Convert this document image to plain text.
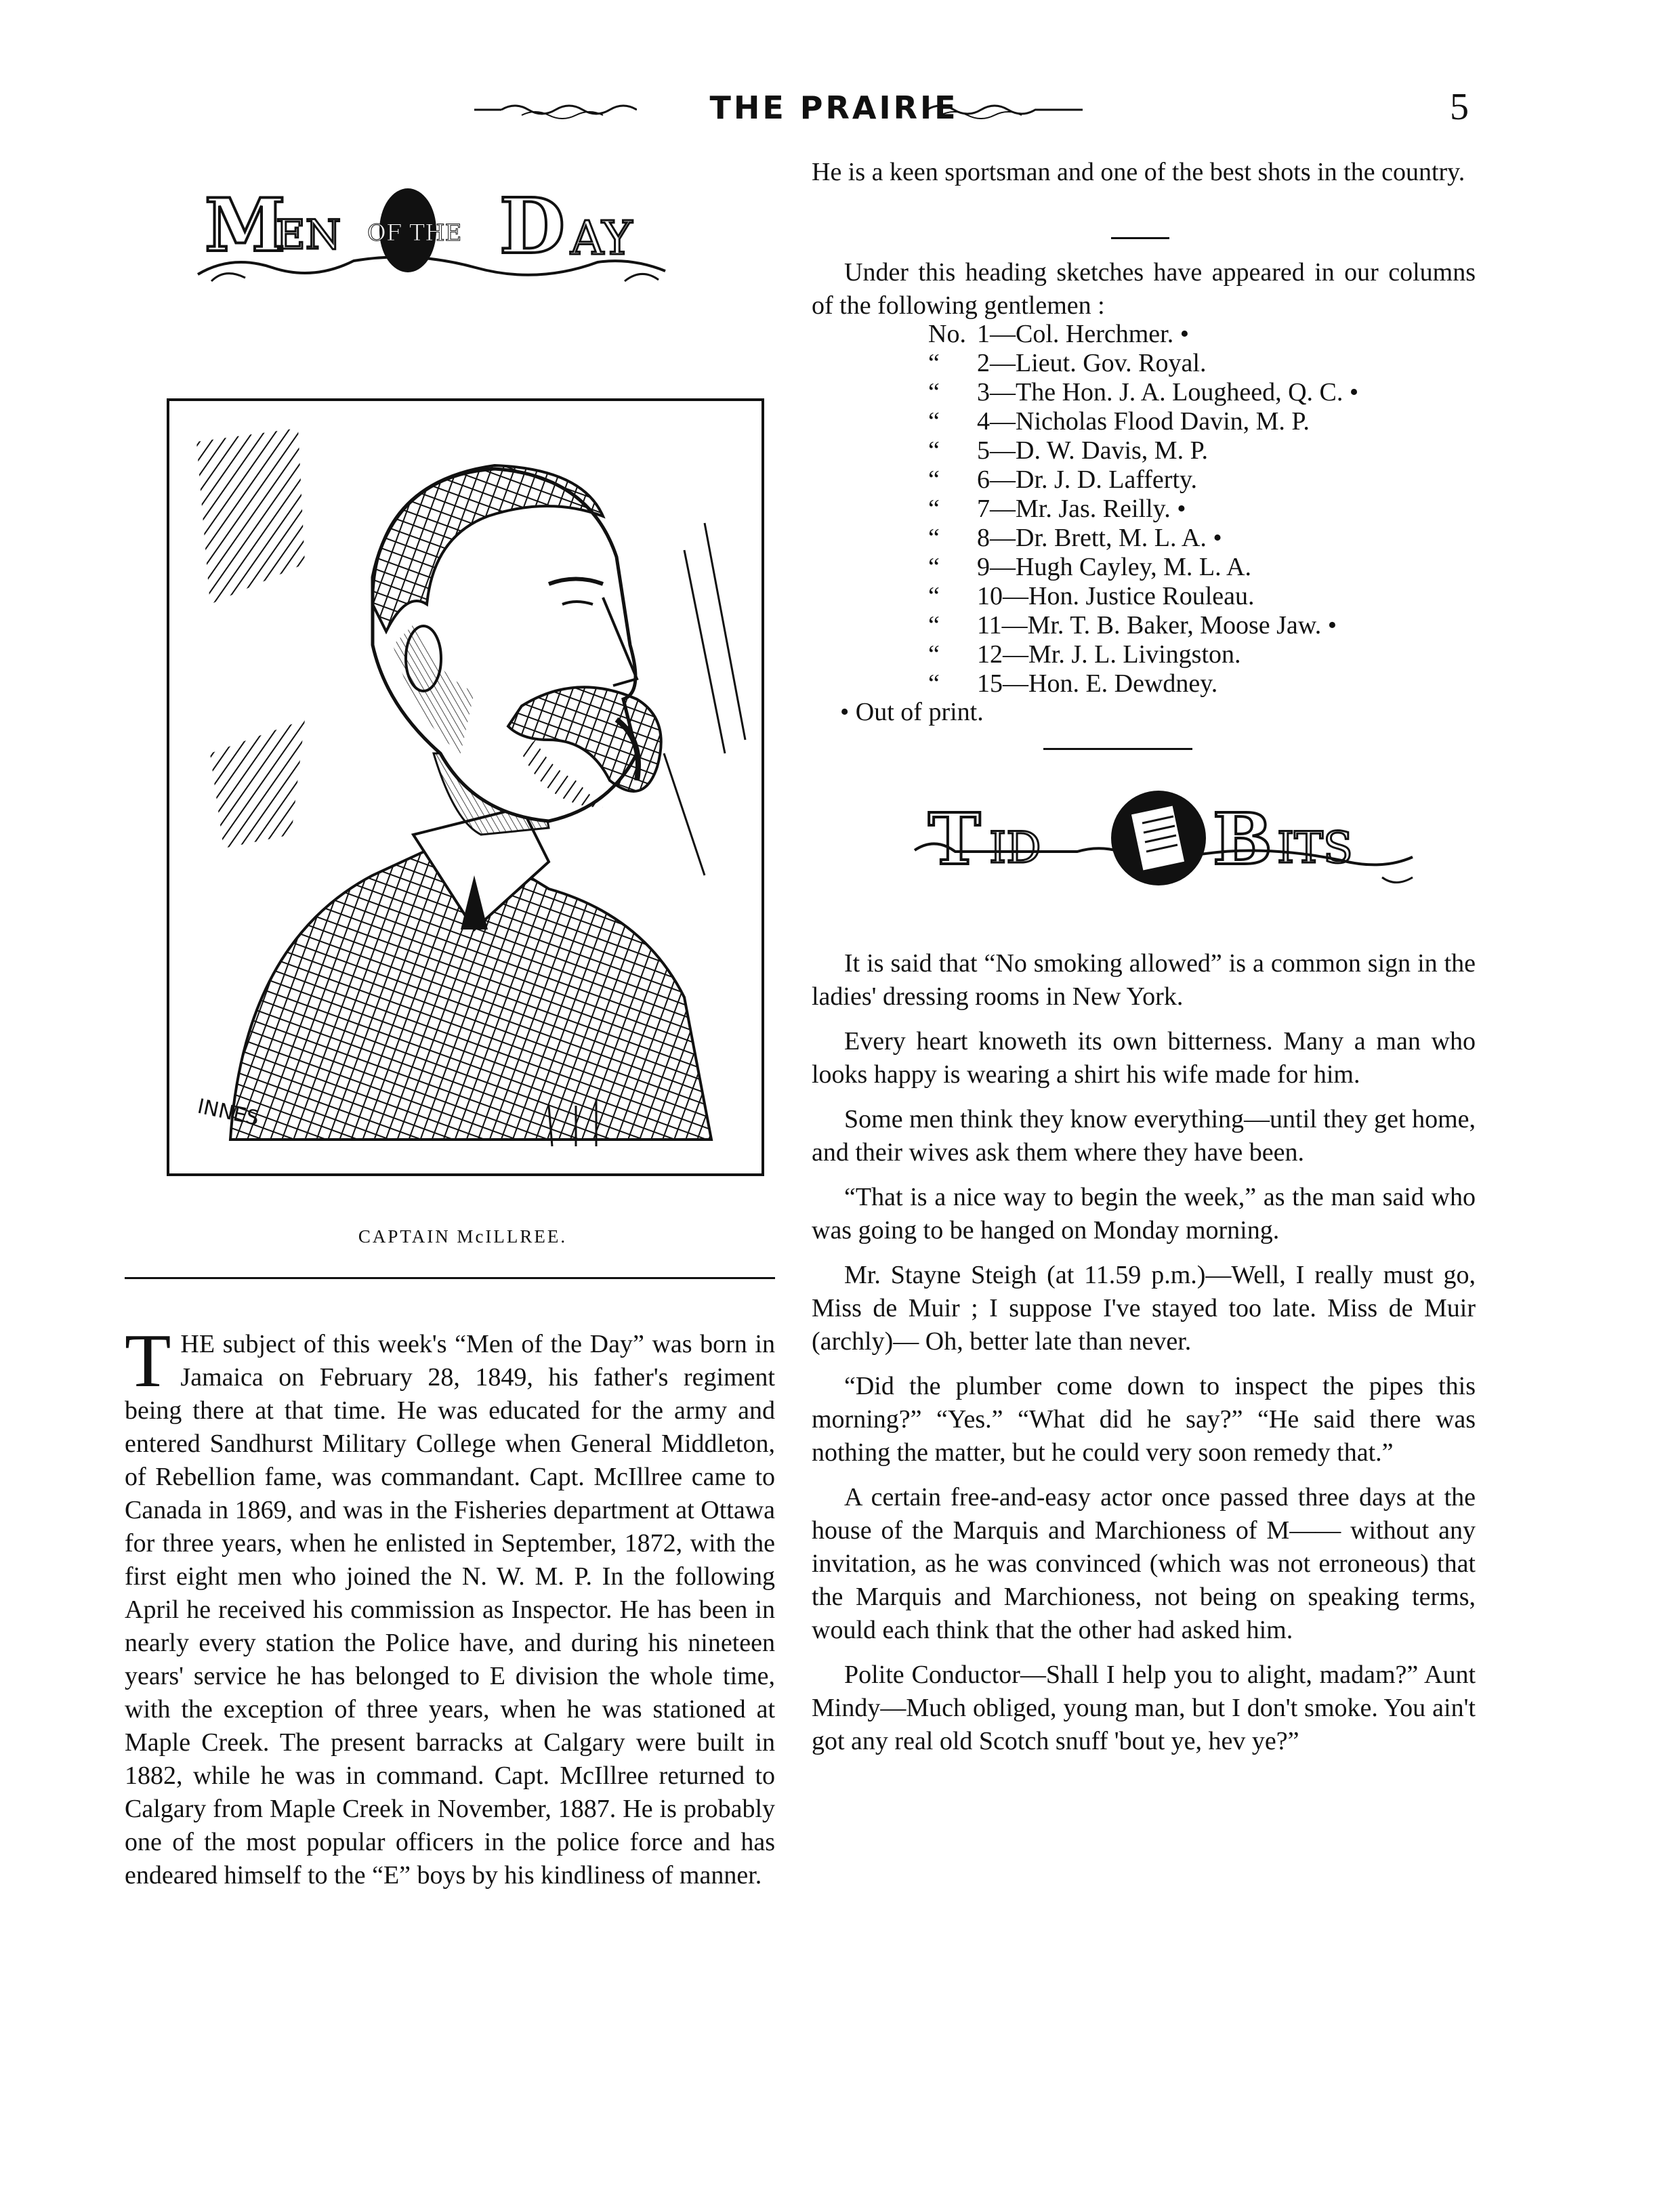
THE PRAIRIE	5
M
EN OF THE D AY
INNES
CAPTAIN McILLREE.

THE subject of this week's “Men of the Day” was born in Jamaica on February 28, 1849, his father's regiment being there at that time. He was educated for the army and entered Sandhurst Military College when General Middleton, of Rebellion fame, was commandant. Capt. McIllree came to Canada in 1869, and was in the Fisheries department at Ottawa for three years, when he enlisted in September, 1872, with the first eight men who joined the N. W. M. P. In the following April he received his commission as Inspector. He has been in nearly every station the Police have, and during his nineteen years' service he has belonged to E division the whole time, with the exception of three years, when he was stationed at Maple Creek. The present barracks at Calgary were built in 1882, while he was in command. Capt. McIllree returned to Calgary from Maple Creek in November, 1887. He is probably one of the most popular officers in the police force and has endeared himself to the “E” boys by his kindliness of manner.

He is a keen sportsman and one of the best shots in the country.

Under this heading sketches have appeared in our columns of the following gentlemen :

No. 1—Col. Herchmer. •
“ 2—Lieut. Gov. Royal.
“ 3—The Hon. J. A. Lougheed, Q. C. •
“ 4—Nicholas Flood Davin, M. P.
“ 5—D. W. Davis, M. P.
“ 6—Dr. J. D. Lafferty.
“ 7—Mr. Jas. Reilly. •
“ 8—Dr. Brett, M. L. A. •
“ 9—Hugh Cayley, M. L. A.
“ 10—Hon. Justice Rouleau.
“ 11—Mr. T. B. Baker, Moose Jaw. •
“ 12—Mr. J. L. Livingston.
“ 15—Hon. E. Dewdney.
• Out of print.
T ID B ITS

It is said that “No smoking allowed” is a common sign in the ladies' dressing rooms in New York.

Every heart knoweth its own bitterness. Many a man who looks happy is wearing a shirt his wife made for him.

Some men think they know everything—until they get home, and their wives ask them where they have been.

“That is a nice way to begin the week,” as the man said who was going to be hanged on Monday morning.

Mr. Stayne Steigh (at 11.59 p.m.)—Well, I really must go, Miss de Muir ; I suppose I've stayed too late. Miss de Muir (archly)— Oh, better late than never.

“Did the plumber come down to inspect the pipes this morning?” “Yes.” “What did he say?” “He said there was nothing the matter, but he could very soon remedy that.”

A certain free-and-easy actor once passed three days at the house of the Marquis and Marchioness of M—— without any invitation, as he was convinced (which was not erroneous) that the Marquis and Marchioness, not being on speaking terms, would each think that the other had asked him.

Polite Conductor—Shall I help you to alight, madam?” Aunt Mindy—Much obliged, young man, but I don't smoke. You ain't got any real old Scotch snuff 'bout ye, hev ye?”
